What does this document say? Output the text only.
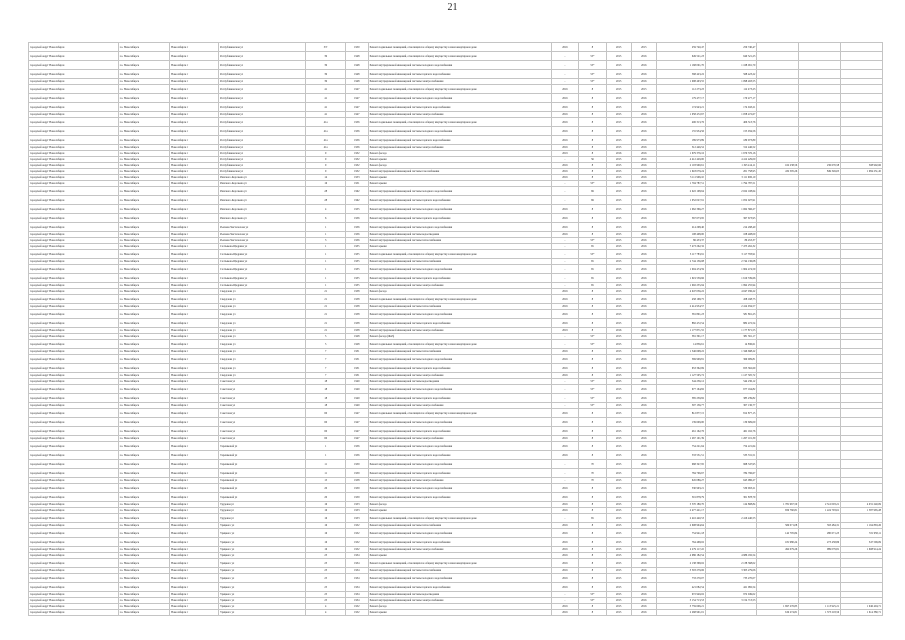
21
городской округ Новосибирск	г.о. Новосибирск	Новосибирск г	Республиканская ул	37г	1950	Ремонт подвальных помещений, относящихся к общему имуществу в многоквартирном доме	2016	8	2015	2015	259 740,47	259 740,47			
городской округ Новосибирск	г.о. Новосибирск	Новосибирск г	Республиканская ул	39	1948	Ремонт подвальных помещений, относящихся к общему имуществу в многоквартирном доме	-	55*	2015	2016	649 521,23	649 521,23			
городской округ Новосибирск	г.о. Новосибирск	Новосибирск г	Республиканская ул	39	1948	Ремонт внутридомовой инженерной системы холодного водоснабжения	-	55*	2015	2016	1 168 091,70	1 168 091,70			
городской округ Новосибирск	г.о. Новосибирск	Новосибирск г	Республиканская ул	39	1948	Ремонт внутридомовой инженерной системы горячего водоснабжения	-	55*	2015	2016	568 423,22	568 423,22			
городской округ Новосибирск	г.о. Новосибирск	Новосибирск г	Республиканская ул	39	1948	Ремонт внутридомовой инженерной системы электроснабжения	-	55*	2015	2016	1 098 493,55	1 098 493,55			
городской округ Новосибирск	г.о. Новосибирск	Новосибирск г	Республиканская ул	41	1947	Ремонт подвальных помещений, относящихся к общему имуществу в многоквартирном доме	2016	8	2015	2015	112 273,23	112 273,23			
городской округ Новосибирск	г.о. Новосибирск	Новосибирск г	Республиканская ул	41	1947	Ремонт внутридомовой инженерной системы холодного водоснабжения	2016	8	2015	2016	179 477,17	179 477,17			
городской округ Новосибирск	г.о. Новосибирск	Новосибирск г	Республиканская ул	41	1947	Ремонт внутридомовой инженерной системы горячего водоснабжения	2016	8	2015	2016	174 943,21	174 943,21			
городской округ Новосибирск	г.о. Новосибирск	Новосибирск г	Республиканская ул	41	1947	Ремонт внутридомовой инженерной системы электроснабжения	2016	8	2015	2016	1 058 472,67	1 058 472,67			
городской округ Новосибирск	г.о. Новосибирск	Новосибирск г	Республиканская ул	41а	1956	Ремонт подвальных помещений, относящихся к общему имуществу в многоквартирном доме	2016	8	2015	2016	406 313,76	406 313,76			
городской округ Новосибирск	г.о. Новосибирск	Новосибирск г	Республиканская ул	41а	1956	Ремонт внутридомовой инженерной системы холодного водоснабжения	2016	8	2015	2016	155 934,56	155 934,56			
городской округ Новосибирск	г.о. Новосибирск	Новосибирск г	Республиканская ул	41а	1956	Ремонт внутридомовой инженерной системы горячего водоснабжения	2016	8	2015	2016	189 973,89	189 973,89			
городской округ Новосибирск	г.о. Новосибирск	Новосибирск г	Республиканская ул	41а	1956	Ремонт внутридомовой инженерной системы электроснабжения	2016	8	2015	2016	312 446,52	312 446,52			
городской округ Новосибирск	г.о. Новосибирск	Новосибирск г	Республиканская ул	9	1932	Ремонт фасада	2019	8	2016	2016	1 679 376,16	1 679 376,16			
городской округ Новосибирск	г.о. Новосибирск	Новосибирск г	Республиканская ул	9	1932	Ремонт крыши	-	56	2015	2016	4 412 429,00	4 412 429,00			
городской округ Новосибирск	г.о. Новосибирск	Новосибирск г	Республиканская ул	9	1932	Ремонт фасада	2016	8	2015	2016	2 103 990,61	1 193 414,11	162 238,56	236 676,58	508 992,66
городской округ Новосибирск	г.о. Новосибирск	Новосибирск г	Республиканская ул	9	1932	Ремонт внутридомовой инженерной системы газоснабжения	2016	8	2015	2016	1 618 079,24	201 758,95	432 595,26	849 349,05	1 084 231,45
городской округ Новосибирск	г.о. Новосибирск	Новосибирск г	Римского-Корсакова ул	14	1953	Ремонт крыши	2016	8	2015	2016	3 111 906,10	3 111 906,10			
городской округ Новосибирск	г.о. Новосибирск	Новосибирск г	Римского-Корсакова ул	16	1951	Ремонт крыши	-	55*	2015	2016	1 794 787,51	1 794 787,51			
городской округ Новосибирск	г.о. Новосибирск	Новосибирск г	Римского-Корсакова ул	28	1962	Ремонт внутридомовой инженерной системы холодного водоснабжения	-	69	2015	2016	2 022 108,64	2 022 108,64			
городской округ Новосибирск	г.о. Новосибирск	Новосибирск г	Римского-Корсакова ул	28	1962	Ремонт внутридомовой инженерной системы горячего водоснабжения	-	69	2015	2016	1 052 027,91	1 052 027,91			
городской округ Новосибирск	г.о. Новосибирск	Новосибирск г	Римского-Корсакова ул	4	1955	Ремонт внутридомовой инженерной системы холодного водоснабжения	2016	8	2015	2016	1 062 366,27	1 062 366,27			
городской округ Новосибирск	г.о. Новосибирск	Новосибирск г	Римского-Корсакова ул	6	1956	Ремонт внутридомовой инженерной системы горячего водоснабжения	2016	8	2015	2016	367 673,95	367 673,95			
городской округ Новосибирск	г.о. Новосибирск	Новосибирск г	Рылеева Чистополова ул	1	1956	Ремонт внутридомовой инженерной системы холодного водоснабжения	2016	8	2015	2016	214 298,40	214 298,40			
городской округ Новосибирск	г.о. Новосибирск	Новосибирск г	Рылеева Чистополова ул	1	1956	Ремонт внутридомовой инженерной системы водоотведения	2016	8	2015	2016	108 408,00	108 408,00			
городской округ Новосибирск	г.о. Новосибирск	Новосибирск г	Рылеева Чистополова ул	3	1956	Ремонт внутридомовой инженерной системы теплоснабжения	-	55*	2015	2016	86 453,37	86 453,37			
городской округ Новосибирск	г.о. Новосибирск	Новосибирск г	Салтыкова-Щедрина ул	1	1935	Ремонт крыши	-	65	2015	2016	7 473 262,32	7 473 262,32			
городской округ Новосибирск	г.о. Новосибирск	Новосибирск г	Салтыкова-Щедрина ул	1	1935	Ремонт подвальных помещений, относящихся к общему имуществу в многоквартирном доме	-	55*	2015	2016	3 117 783,91	3 117 783,91			
городской округ Новосибирск	г.о. Новосибирск	Новосибирск г	Салтыкова-Щедрина ул	1	1935	Ремонт внутридомовой инженерной системы теплоснабжения	-	65	2015	2016	2 744 136,08	2 744 136,08			
городской округ Новосибирск	г.о. Новосибирск	Новосибирск г	Салтыкова-Щедрина ул	1	1935	Ремонт внутридомовой инженерной системы холодного водоснабжения	-	65	2015	2016	1 904 474,59	1 904 474,59			
городской округ Новосибирск	г.о. Новосибирск	Новосибирск г	Салтыкова-Щедрина ул	1	1935	Ремонт внутридомовой инженерной системы горячего водоснабжения	-	65	2015	2016	1 619 539,66	1 619 539,66			
городской округ Новосибирск	г.о. Новосибирск	Новосибирск г	Салтыкова-Щедрина ул	1	1935	Ремонт внутридомовой инженерной системы электроснабжения	-	65	2015	2016	1 992 255,94	1 992 255,94			
городской округ Новосибирск	г.о. Новосибирск	Новосибирск г	Свердлова ул	21	1958	Ремонт фасада	2016	8	2015	2016	4 047 036,22	4 047 036,22			
городской округ Новосибирск	г.о. Новосибирск	Новосибирск г	Свердлова ул	21	1958	Ремонт подвальных помещений, относящихся к общему имуществу в многоквартирном доме	2016	8	2015	2016	458 168,75	458 168,75			
городской округ Новосибирск	г.о. Новосибирск	Новосибирск г	Свердлова ул	21	1958	Ремонт внутридомовой инженерной системы теплоснабжения	2016	8	2015	2016	2 414 934,57	2 414 934,57			
городской округ Новосибирск	г.о. Новосибирск	Новосибирск г	Свердлова ул	21	1958	Ремонт внутридомовой инженерной системы холодного водоснабжения	2016	8	2015	2016	581 891,23	581 891,23			
городской округ Новосибирск	г.о. Новосибирск	Новосибирск г	Свердлова ул	21	1958	Ремонт внутридомовой инженерной системы горячего водоснабжения	2016	8	2015	2016	882 472,54	882 472,54			
городской округ Новосибирск	г.о. Новосибирск	Новосибирск г	Свердлова ул	21	1958	Ремонт внутридомовой инженерной системы электроснабжения	2019	8	2016	2016	1 177 871,55	1 177 871,55			
городской округ Новосибирск	г.о. Новосибирск	Новосибирск г	Свердлова ул	5	1928	Ремонт фасада (ФАЗ)	-	55*	2015	2016	381 391,17	381 391,17			
городской округ Новосибирск	г.о. Новосибирск	Новосибирск г	Свердлова ул	5	1928	Ремонт подвальных помещений, относящихся к общему имуществу в многоквартирном доме	-	55*	2015	2016	14 836,61	14 836,61			
городской округ Новосибирск	г.о. Новосибирск	Новосибирск г	Свердлова ул	7	1931	Ремонт внутридомовой инженерной системы теплоснабжения	2016	8	2015	2016	1 346 698,22	1 346 698,22			
городской округ Новосибирск	г.о. Новосибирск	Новосибирск г	Свердлова ул	7	1931	Ремонт внутридомовой инженерной системы холодного водоснабжения	2016	8	2015	2016	369 909,81	369 909,81			
городской округ Новосибирск	г.о. Новосибирск	Новосибирск г	Свердлова ул	7	1931	Ремонт внутридомовой инженерной системы горячего водоснабжения	2016	8	2015	2016	653 362,69	653 362,69			
городской округ Новосибирск	г.о. Новосибирск	Новосибирск г	Свердлова ул	7	1931	Ремонт внутридомовой инженерной системы электроснабжения	2016	8	2015	2016	1 127 505,72	1 127 505,72			
городской округ Новосибирск	г.о. Новосибирск	Новосибирск г	Советская ул	18	1949	Ремонт внутридомовой инженерной системы водоотведения	-	55*	2015	2016	544 236,12	544 236,12			
городской округ Новосибирск	г.о. Новосибирск	Новосибирск г	Советская ул	18	1949	Ремонт внутридомовой инженерной системы холодного водоснабжения	-	55*	2015	2016	677 164,82	677 164,82			
городской округ Новосибирск	г.о. Новосибирск	Новосибирск г	Советская ул	18	1949	Ремонт внутридомовой инженерной системы горячего водоснабжения	-	55*	2015	2016	385 239,82	385 239,82			
городской округ Новосибирск	г.о. Новосибирск	Новосибирск г	Советская ул	18	1949	Ремонт внутридомовой инженерной системы электроснабжения	-	55*	2015	2016	307 136,77	307 136,77			
городской округ Новосибирск	г.о. Новосибирск	Новосибирск г	Советская ул	60	1947	Ремонт подвальных помещений, относящихся к общему имуществу в многоквартирном доме	2016	8	2015	2016	812 877,15	812 877,15			
городской округ Новосибирск	г.о. Новосибирск	Новосибирск г	Советская ул	60	1947	Ремонт внутридомовой инженерной системы холодного водоснабжения	2016	8	2015	2016	139 609,00	139 609,00			
городской округ Новосибирск	г.о. Новосибирск	Новосибирск г	Советская ул	60	1947	Ремонт внутридомовой инженерной системы горячего водоснабжения	2016	8	2015	2016	461 162,76	461 162,76			
городской округ Новосибирск	г.о. Новосибирск	Новосибирск г	Советская ул	60	1947	Ремонт внутридомовой инженерной системы электроснабжения	2016	8	2015	2016	1 267 101,39	1 267 101,39			
городской округ Новосибирск	г.о. Новосибирск	Новосибирск г	Терешковой ул	1	1956	Ремонт внутридомовой инженерной системы холодного водоснабжения	2016	8	2015	2016	754 221,64	754 221,64			
городской округ Новосибирск	г.о. Новосибирск	Новосибирск г	Терешковой ул	1	1956	Ремонт внутридомовой инженерной системы горячего водоснабжения	2016	8	2015	2016	533 531,51	533 531,51			
городской округ Новосибирск	г.о. Новосибирск	Новосибирск г	Терешковой ул	11	1959	Ремонт внутридомовой инженерной системы холодного водоснабжения	-	70	2015	2016	968 347,95	968 347,95			
городской округ Новосибирск	г.о. Новосибирск	Новосибирск г	Терешковой ул	11	1959	Ремонт внутридомовой инженерной системы горячего водоснабжения	-	70	2015	2016	784 796,67	784 796,67			
городской округ Новосибирск	г.о. Новосибирск	Новосибирск г	Терешковой ул	15	1958	Ремонт внутридомовой инженерной системы электроснабжения	-	70	2015	2016	645 086,27	645 086,27			
городской округ Новосибирск	г.о. Новосибирск	Новосибирск г	Терешковой ул	20	1959	Ремонт внутридомовой инженерной системы холодного водоснабжения	2016	8	2015	2016	530 993,21	530 993,21			
городской округ Новосибирск	г.о. Новосибирск	Новосибирск г	Терешковой ул	20	1959	Ремонт внутридомовой инженерной системы горячего водоснабжения	2016	8	2015	2016	301 878,79	301 878,79			
городской округ Новосибирск	г.о. Новосибирск	Новосибирск г	Трудовая ул	16	1953	Ремонт фасада	2016	8	2015	2016	5 570 180,70	124 808,84	1 781 967,59	2 512 003,21	4 031 240,09
городской округ Новосибирск	г.о. Новосибирск	Новосибирск г	Трудовая ул	16	1953	Ремонт крыши	2016	8	2015	2016	2 477 421,17		659 760,81	1 224 793,61	1 587 965,28
городской округ Новосибирск	г.о. Новосибирск	Новосибирск г	Трудовая ул	16	1953	Ремонт подвальных помещений, относящихся к общему имуществу в многоквартирном доме	-	65	2015	2016	2 416 440,53	2 416 440,53			
городской округ Новосибирск	г.о. Новосибирск	Новосибирск г	Урицкого ул	16	1952	Ремонт внутридомовой инженерной системы теплоснабжения	2016	8	2015	2016	2 608 994,64		569 071,08	593 484,31	1 164 863,26
городской округ Новосибирск	г.о. Новосибирск	Новосибирск г	Урицкого ул	16	1952	Ремонт внутридомовой инженерной системы холодного водоснабжения	2016	8	2015	2016	754 941,18		142 795,84	280 671,23	331 958,11
городской округ Новосибирск	г.о. Новосибирск	Новосибирск г	Урицкого ул	16	1952	Ремонт внутридомовой инженерной системы горячего водоснабжения	2016	8	2015	2016	764 468,02		181 980,24	273 458,86	347 599,09
городской округ Новосибирск	г.о. Новосибирск	Новосибирск г	Урицкого ул	16	1952	Ремонт внутридомовой инженерной системы электроснабжения	2016	8	2015	2016	2 279 117,22		492 079,26	989 079,81	1 608 914,24
городской округ Новосибирск	г.о. Новосибирск	Новосибирск г	Урицкого ул	23	1934	Ремонт крыши	2016	8	2015	2016	4 986 182,54	4 986 182,54			
городской округ Новосибирск	г.о. Новосибирск	Новосибирск г	Урицкого ул	23	1934	Ремонт подвальных помещений, относящихся к общему имуществу в многоквартирном доме	2016	8	2015	2016	2 138 368,02	2 138 368,02			
городской округ Новосибирск	г.о. Новосибирск	Новосибирск г	Урицкого ул	23	1934	Ремонт внутридомовой инженерной системы теплоснабжения	2016	8	2015	2016	3 303 279,06	3 303 279,06			
городской округ Новосибирск	г.о. Новосибирск	Новосибирск г	Урицкого ул	25	1934	Ремонт внутридомовой инженерной системы холодного водоснабжения	2016	8	2015	2016	733 270,07	733 270,07			
городской округ Новосибирск	г.о. Новосибирск	Новосибирск г	Урицкого ул	25	1934	Ремонт внутридомовой инженерной системы горячего водоснабжения	2016	8	2015	2016	421 082,54	421 082,54			
городской округ Новосибирск	г.о. Новосибирск	Новосибирск г	Урицкого ул	25	1934	Ремонт внутридомовой инженерной системы водоотведения	-	55*	2015	2016	972 949,02	972 949,02			
городской округ Новосибирск	г.о. Новосибирск	Новосибирск г	Урицкого ул	25	1934	Ремонт внутридомовой инженерной системы электроснабжения	-	55*	2015	2016	3 154 713,53	3 154 713,53			
городской округ Новосибирск	г.о. Новосибирск	Новосибирск г	Урицкого ул	4	1952	Ремонт фасада	2016	8	2015	2016	3 759 606,21		1 697 276,85	1 113 925,21	1 946 404,71
городской округ Новосибирск	г.о. Новосибирск	Новосибирск г	Урицкого ул	4	1952	Ремонт крыши	2016	8	2015	2016	2 268 991,01		619 274,81	1 373 218,56	1 614 380,71
